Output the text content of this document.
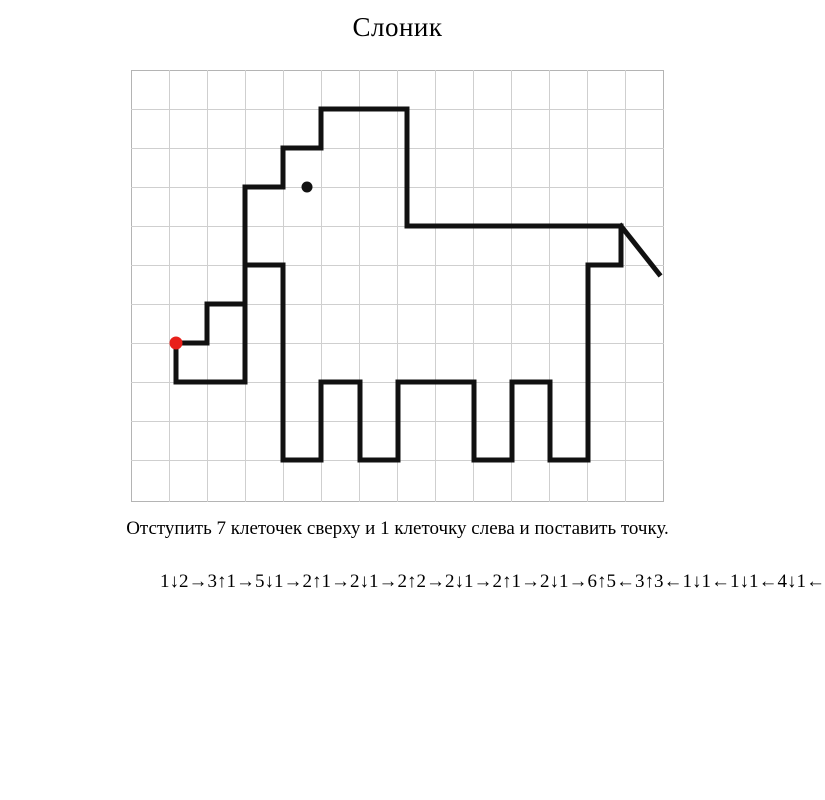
Слоник
Отступить 7 клеточек сверху и 1 клеточку слева и поставить точку.
1↓ 2→ 3↑ 1→ 5↓ 1→ 2↑ 1→ 2↓ 1→ 2↑ 2→ 2↓ 1→ 2↑ 1→ 2↓ 1→ 6↑ 5← 3↑ 3← 1↓ 1← 1↓ 1← 4↓ 1←
